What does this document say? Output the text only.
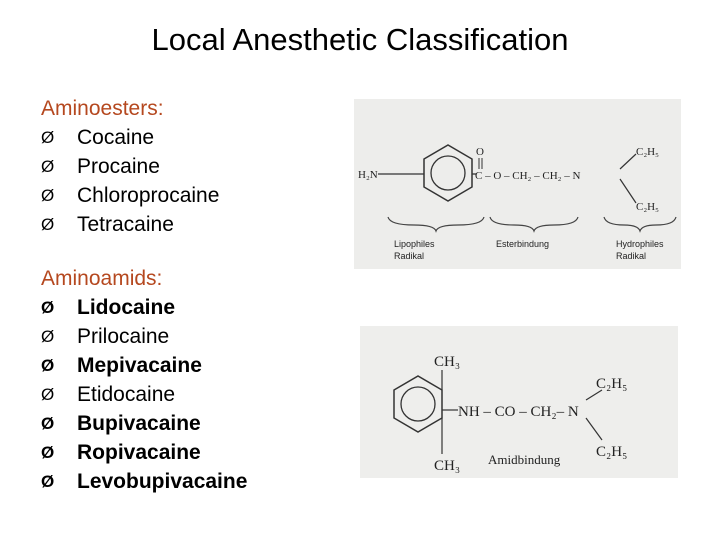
Local Anesthetic Classification
Aminoesters:
Ø	Cocaine
Ø	Procaine
Ø	Chloroprocaine
Ø	Tetracaine
Aminoamids:
Ø	Lidocaine
Ø	Prilocaine
Ø	Mepivacaine
Ø	Etidocaine
Ø	Bupivacaine
Ø	Ropivacaine
Ø	Levobupivacaine
H₂N
O
C – O – CH₂ – CH₂ – N
C₂H₅
C₂H₅
Lipophiles
Radikal
Esterbindung	Hydrophiles
Radikal
CH₃
CH₃
NH – CO – CH₂– N
C₂H₅
C₂H₅
Amidbindung
